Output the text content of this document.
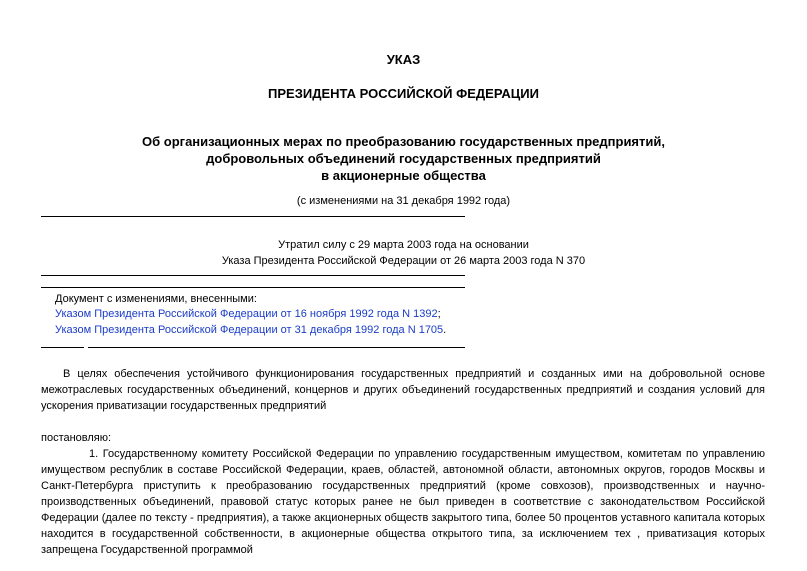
УКАЗ
ПРЕЗИДЕНТА РОССИЙСКОЙ ФЕДЕРАЦИИ
Об организационных мерах по преобразованию государственных предприятий,
добровольных объединений государственных предприятий
в акционерные общества
(с изменениями на 31 декабря 1992 года)
Утратил силу с 29 марта 2003 года на основании
Указа Президента Российской Федерации от 26 марта 2003 года N 370
Документ с изменениями, внесенными:
Указом Президента Российской Федерации от 16 ноября 1992 года N 1392;
Указом Президента Российской Федерации от 31 декабря 1992 года N 1705.

В целях обеспечения устойчивого функционирования государственных предприятий и созданных ими на добровольной основе межотраслевых государственных объединений, концернов и других объединений государственных предприятий и создания условий для ускорения приватизации государственных предприятий

постановляю:

1. Государственному комитету Российской Федерации по управлению государственным имуществом, комитетам по управлению имуществом республик в составе Российской Федерации, краев, областей, автономной области, автономных округов, городов Москвы и Санкт-Петербурга приступить к преобразованию государственных предприятий (кроме совхозов), производственных и научно-производственных объединений, правовой статус которых ранее не был приведен в соответствие с законодательством Российской Федерации (далее по тексту - предприятия), а также акционерных обществ закрытого типа, более 50 процентов уставного капитала которых находится в государственной собственности, в акционерные общества открытого типа, за исключением тех , приватизация которых запрещена Государственной программой
